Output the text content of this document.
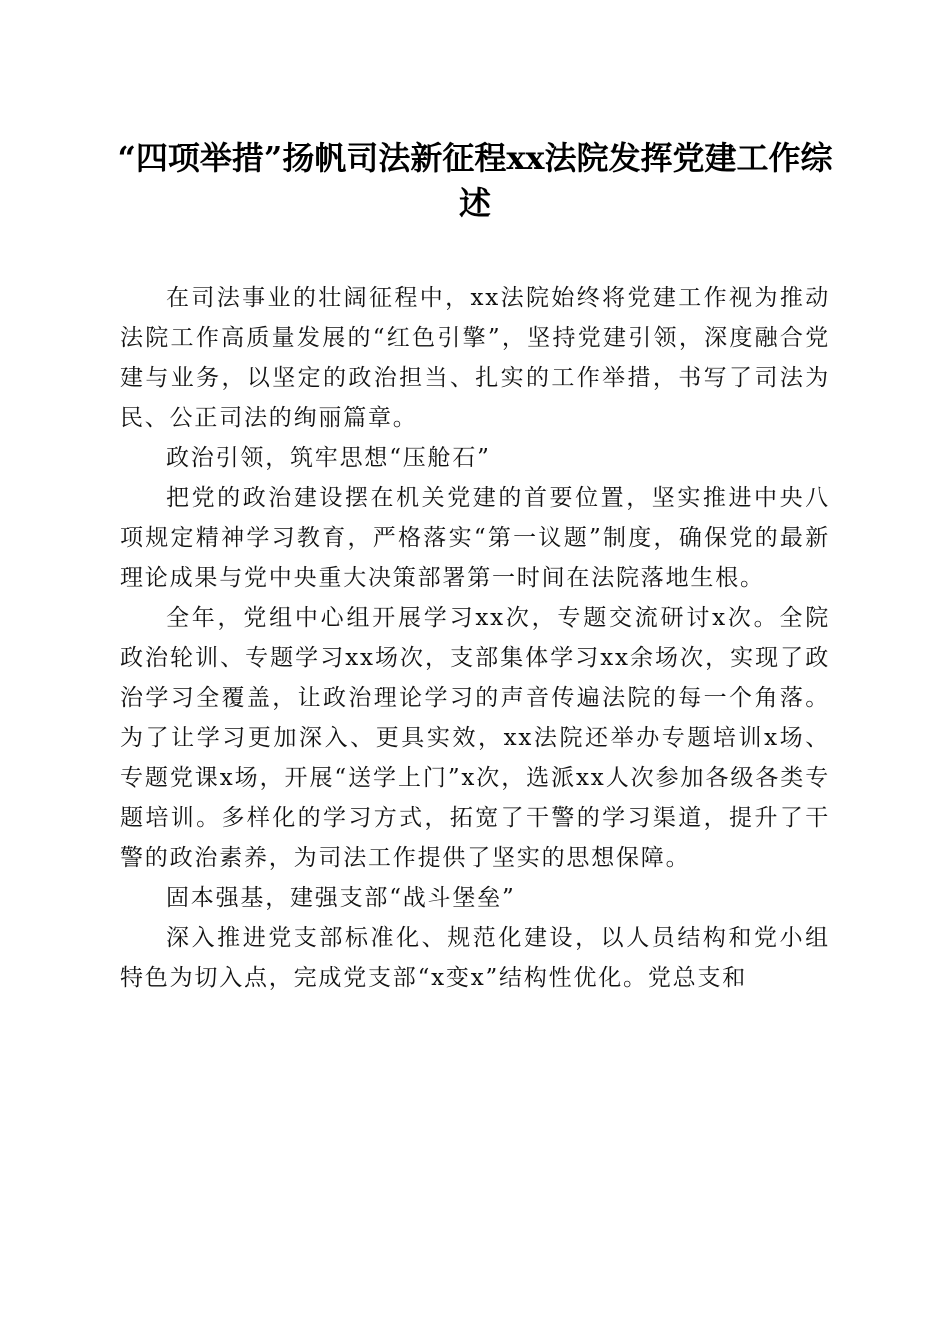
“四项举措”扬帆司法新征程xx法院发挥党建工作综述

在司法事业的壮阔征程中，xx法院始终将党建工作视为推动法院工作高质量发展的“红色引擎”，坚持党建引领，深度融合党建与业务，以坚定的政治担当、扎实的工作举措，书写了司法为民、公正司法的绚丽篇章。

政治引领，筑牢思想“压舱石”

把党的政治建设摆在机关党建的首要位置，坚实推进中央八项规定精神学习教育，严格落实“第一议题”制度，确保党的最新理论成果与党中央重大决策部署第一时间在法院落地生根。

全年，党组中心组开展学习xx次，专题交流研讨x次。全院政治轮训、专题学习xx场次，支部集体学习xx余场次，实现了政治学习全覆盖，让政治理论学习的声音传遍法院的每一个角落。为了让学习更加深入、更具实效，xx法院还举办专题培训x场、专题党课x场，开展“送学上门”x次，选派xx人次参加各级各类专题培训。多样化的学习方式，拓宽了干警的学习渠道，提升了干警的政治素养，为司法工作提供了坚实的思想保障。

固本强基，建强支部“战斗堡垒”

深入推进党支部标准化、规范化建设，以人员结构和党小组特色为切入点，完成党支部“x变x”结构性优化。党总支和
